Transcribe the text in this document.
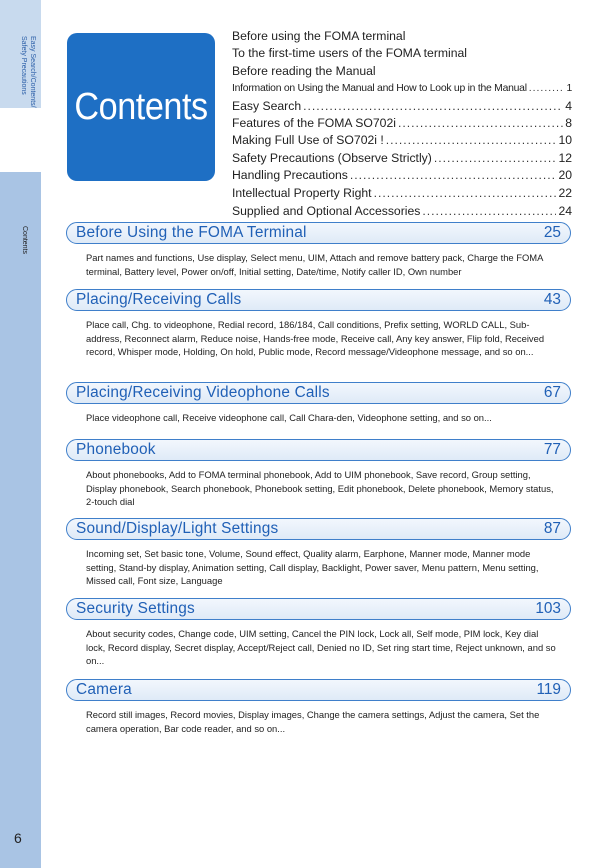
Easy Search/Contents/
Safety Precautions
Contents
6
Contents
Before using the FOMA terminal
To the first-time users of the FOMA terminal
Before reading the Manual
Information on Using the Manual and How to Look up in the Manual .....	1
Easy Search .....	4
Features of the FOMA SO702i .....	8
Making Full Use of SO702i ! .....	10
Safety Precautions (Observe Strictly) .....	12
Handling Precautions .....	20
Intellectual Property Right .....	22
Supplied and Optional Accessories .....	24
Before Using the FOMA Terminal	25
Part names and functions, Use display, Select menu, UIM, Attach and remove battery pack, Charge the FOMA terminal, Battery level, Power on/off, Initial setting, Date/time, Notify caller ID, Own number
Placing/Receiving Calls	43
Place call, Chg. to videophone, Redial record, 186/184, Call conditions, Prefix setting, WORLD CALL, Sub-address, Reconnect alarm, Reduce noise, Hands-free mode, Receive call, Any key answer, Flip fold, Received record, Whisper mode, Holding, On hold, Public mode, Record message/Videophone message, and so on...
Placing/Receiving Videophone Calls	67
Place videophone call, Receive videophone call, Call Chara-den, Videophone setting, and so on...
Phonebook	77
About phonebooks, Add to FOMA terminal phonebook, Add to UIM phonebook, Save record, Group setting, Display phonebook, Search phonebook, Phonebook setting, Edit phonebook, Delete phonebook, Memory status, 2-touch dial
Sound/Display/Light Settings	87
Incoming set, Set basic tone, Volume, Sound effect, Quality alarm, Earphone, Manner mode, Manner mode setting, Stand-by display, Animation setting, Call display, Backlight, Power saver, Menu pattern, Menu setting, Missed call, Font size, Language
Security Settings	103
About security codes, Change code, UIM setting, Cancel the PIN lock, Lock all, Self mode, PIM lock, Key dial lock, Record display, Secret display, Accept/Reject call, Denied no ID, Set ring start time, Reject unknown, and so on...
Camera	119
Record still images, Record movies, Display images, Change the camera settings, Adjust the camera, Set the camera operation, Bar code reader, and so on...
